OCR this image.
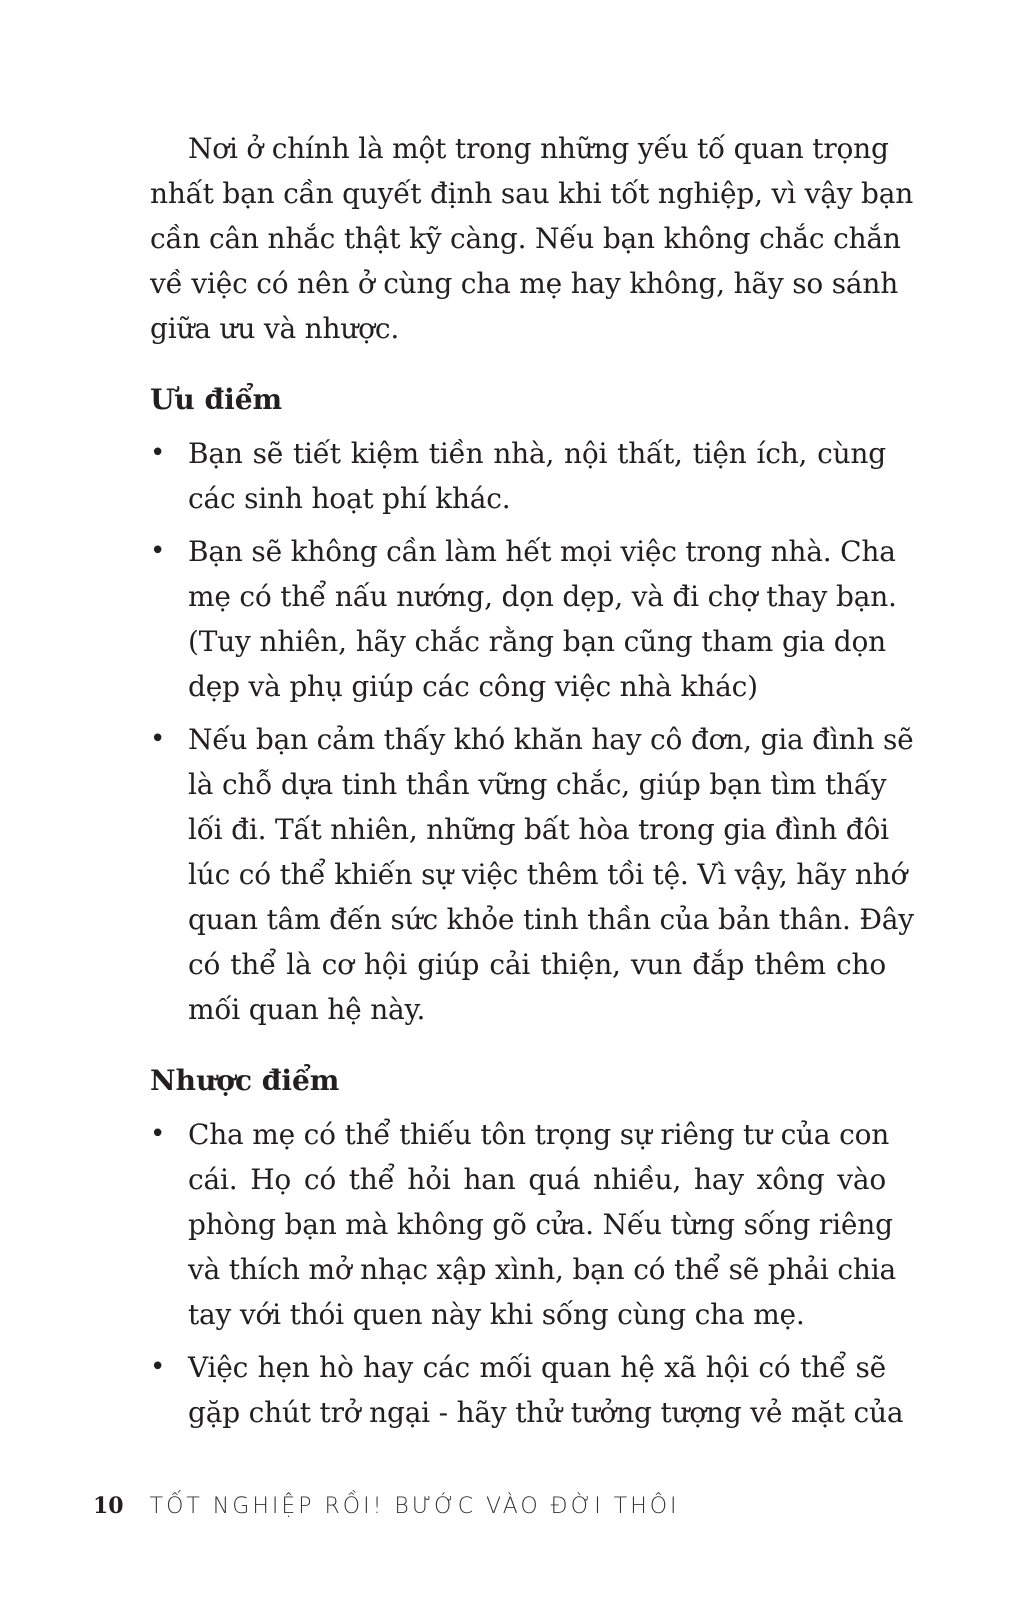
Nơi ở chính là một trong những yếu tố quan trọng
nhất bạn cần quyết định sau khi tốt nghiệp, vì vậy bạn
cần cân nhắc thật kỹ càng. Nếu bạn không chắc chắn
về việc có nên ở cùng cha mẹ hay không, hãy so sánh
giữa ưu và nhược.
Ưu điểm
• Bạn sẽ tiết kiệm tiền nhà, nội thất, tiện ích, cùng
các sinh hoạt phí khác.
• Bạn sẽ không cần làm hết mọi việc trong nhà. Cha
mẹ có thể nấu nướng, dọn dẹp, và đi chợ thay bạn.
(Tuy nhiên, hãy chắc rằng bạn cũng tham gia dọn
dẹp và phụ giúp các công việc nhà khác)
• Nếu bạn cảm thấy khó khăn hay cô đơn, gia đình sẽ
là chỗ dựa tinh thần vững chắc, giúp bạn tìm thấy
lối đi. Tất nhiên, những bất hòa trong gia đình đôi
lúc có thể khiến sự việc thêm tồi tệ. Vì vậy, hãy nhớ
quan tâm đến sức khỏe tinh thần của bản thân. Đây
có thể là cơ hội giúp cải thiện, vun đắp thêm cho
mối quan hệ này.
Nhược điểm
• Cha mẹ có thể thiếu tôn trọng sự riêng tư của con
cái. Họ có thể hỏi han quá nhiều, hay xông vào
phòng bạn mà không gõ cửa. Nếu từng sống riêng
và thích mở nhạc xập xình, bạn có thể sẽ phải chia
tay với thói quen này khi sống cùng cha mẹ.
• Việc hẹn hò hay các mối quan hệ xã hội có thể sẽ
gặp chút trở ngại - hãy thử tưởng tượng vẻ mặt của
10 TỐT NGHIỆP RỒI! BƯỚC VÀO ĐỜI THÔI
